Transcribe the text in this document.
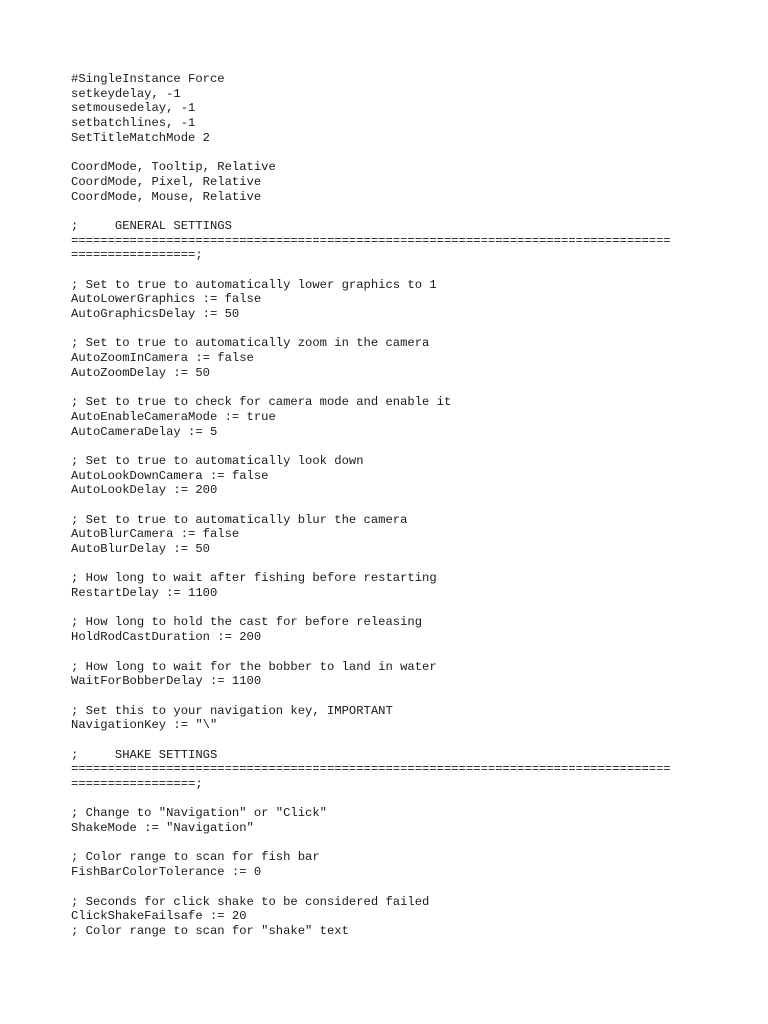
#SingleInstance Force
setkeydelay, -1
setmousedelay, -1
setbatchlines, -1
SetTitleMatchMode 2
CoordMode, Tooltip, Relative
CoordMode, Pixel, Relative
CoordMode, Mouse, Relative
;     GENERAL SETTINGS
==================================================================================
=================;
; Set to true to automatically lower graphics to 1
AutoLowerGraphics := false
AutoGraphicsDelay := 50
; Set to true to automatically zoom in the camera
AutoZoomInCamera := false
AutoZoomDelay := 50
; Set to true to check for camera mode and enable it
AutoEnableCameraMode := true
AutoCameraDelay := 5
; Set to true to automatically look down
AutoLookDownCamera := false
AutoLookDelay := 200
; Set to true to automatically blur the camera
AutoBlurCamera := false
AutoBlurDelay := 50
; How long to wait after fishing before restarting
RestartDelay := 1100
; How long to hold the cast for before releasing
HoldRodCastDuration := 200
; How long to wait for the bobber to land in water
WaitForBobberDelay := 1100
; Set this to your navigation key, IMPORTANT
NavigationKey := "\"
;     SHAKE SETTINGS
==================================================================================
=================;
; Change to "Navigation" or "Click"
ShakeMode := "Navigation"
; Color range to scan for fish bar
FishBarColorTolerance := 0
; Seconds for click shake to be considered failed
ClickShakeFailsafe := 20
; Color range to scan for "shake" text
